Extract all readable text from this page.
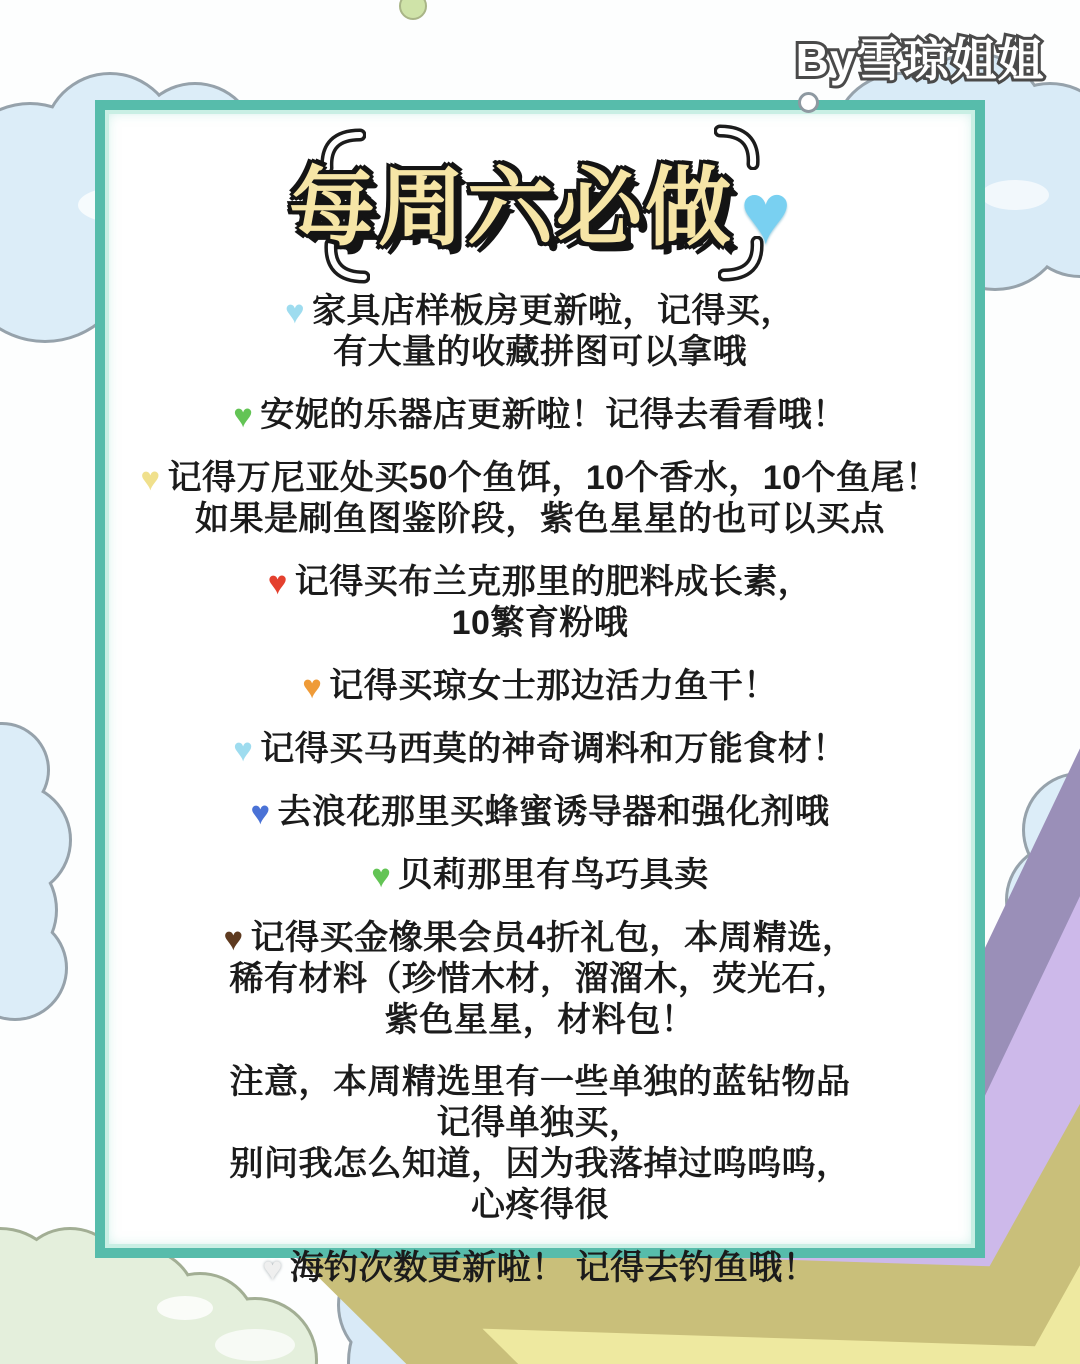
By雪琼姐姐
每周六必做♥

♥ 家具店样板房更新啦，记得买，

有大量的收藏拼图可以拿哦

♥ 安妮的乐器店更新啦！记得去看看哦！

♥ 记得万尼亚处买50个鱼饵，10个香水，10个鱼尾！

如果是刷鱼图鉴阶段，紫色星星的也可以买点

♥ 记得买布兰克那里的肥料成长素，

10繁育粉哦

♥ 记得买琼女士那边活力鱼干！

♥ 记得买马西莫的神奇调料和万能食材！

♥ 去浪花那里买蜂蜜诱导器和强化剂哦

♥ 贝莉那里有鸟巧具卖

♥ 记得买金橡果会员4折礼包，本周精选，

稀有材料（珍惜木材，溜溜木，荧光石，

紫色星星，材料包！

注意，本周精选里有一些单独的蓝钻物品

记得单独买，

别问我怎么知道，因为我落掉过呜呜呜，

心疼得很

♥ 海钓次数更新啦！ 记得去钓鱼哦！
